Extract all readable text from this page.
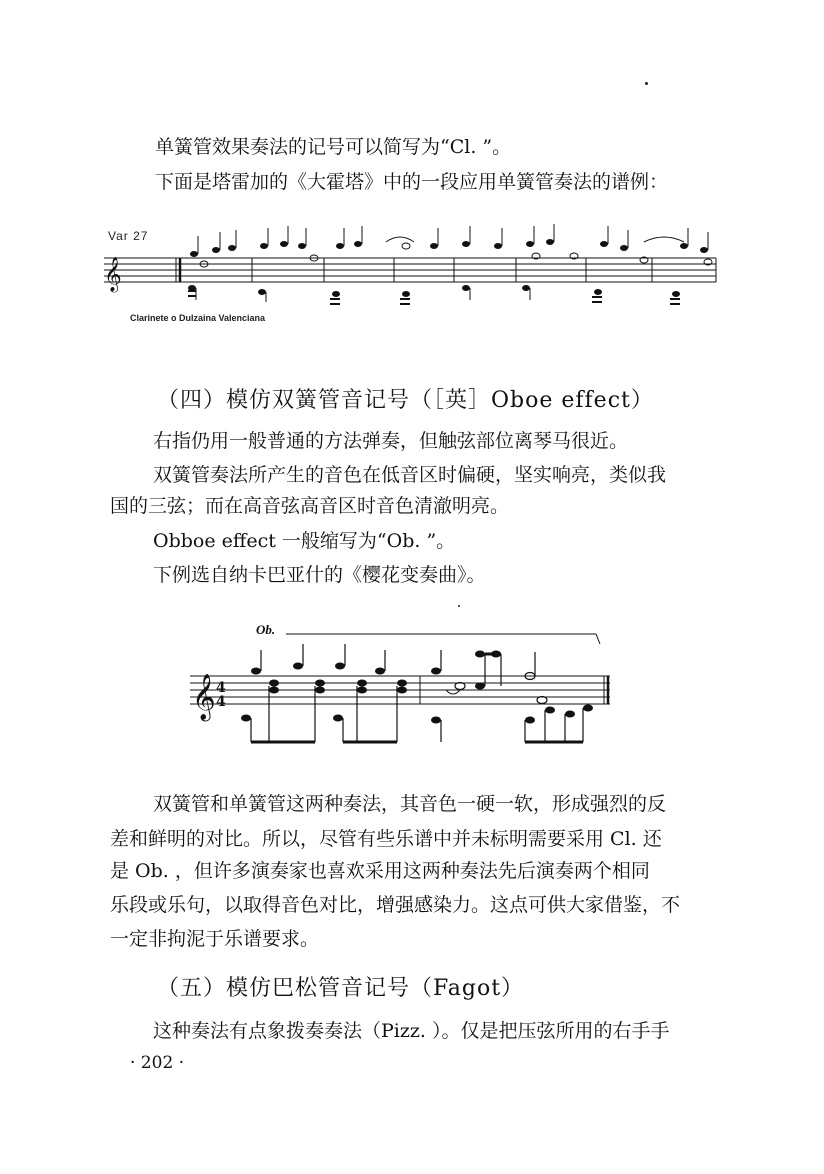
单簧管效果奏法的记号可以简写为“Cl. ”。
下面是塔雷加的《大霍塔》中的一段应用单簧管奏法的谱例：
Var 27
𝄞
Clarinete o Dulzaina Valenciana
（四）模仿双簧管音记号（［英］Oboe effect）
右指仍用一般普通的方法弹奏，但触弦部位离琴马很近。
双簧管奏法所产生的音色在低音区时偏硬，坚实响亮，类似我
国的三弦；而在高音弦高音区时音色清澈明亮。
Obboe effect 一般缩写为“Ob. ”。
下例选自纳卡巴亚什的《樱花变奏曲》。
Ob.
𝄞 4
4
双簧管和单簧管这两种奏法，其音色一硬一软，形成强烈的反
差和鲜明的对比。所以，尽管有些乐谱中并未标明需要采用 Cl. 还
是 Ob. ，但许多演奏家也喜欢采用这两种奏法先后演奏两个相同
乐段或乐句，以取得音色对比，增强感染力。这点可供大家借鉴，不
一定非拘泥于乐谱要求。
（五）模仿巴松管音记号（Fagot）
这种奏法有点象拨奏奏法（Pizz. ）。仅是把压弦所用的右手手
· 202 ·
